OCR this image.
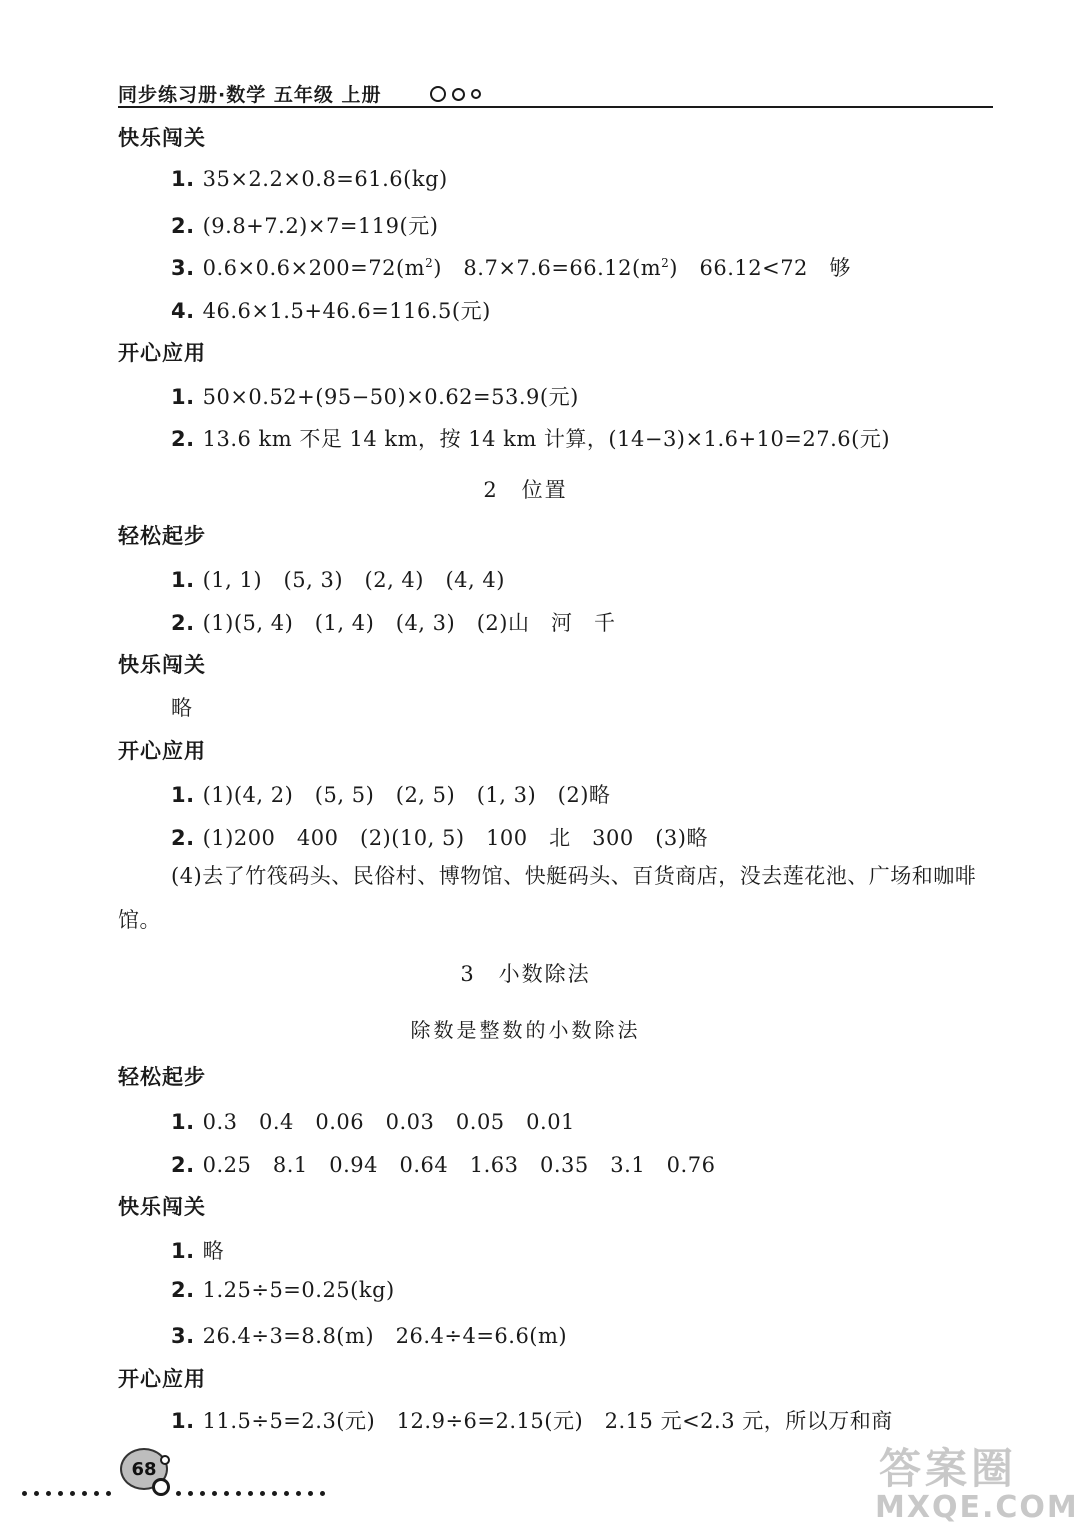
同步练习册·数学 五年级 上册
快乐闯关
1. 35×2.2×0.8=61.6(kg)
2. (9.8+7.2)×7=119(元)
3. $0.6\times 0.6\times 200=72(m^2)$　$8.7\times 7.6=66.12(m^2)$　66.12<72　够
4. 46.6×1.5+46.6=116.5(元)
开心应用
1. 50×0.52+(95−50)×0.62=53.9(元)
2. 13.6 km 不足 14 km，按 14 km 计算，(14−3)×1.6+10=27.6(元)
2　位置
轻松起步
1. (1, 1)　(5, 3)　(2, 4)　(4, 4)
2. (1)(5, 4)　(1, 4)　(4, 3)　(2)山　河　千
快乐闯关
略
开心应用
1. (1)(4, 2)　(5, 5)　(2, 5)　(1, 3)　(2)略
2. (1)200　400　(2)(10, 5)　100　北　300　(3)略
(4)去了竹筏码头、民俗村、博物馆、快艇码头、百货商店，没去莲花池、广场和咖啡馆。
3　小数除法
除数是整数的小数除法
轻松起步
1. 0.3　0.4　0.06　0.03　0.05　0.01
2. 0.25　8.1　0.94　0.64　1.63　0.35　3.1　0.76
快乐闯关
1. 略
2. 1.25÷5=0.25(kg)
3. 26.4÷3=8.8(m)　26.4÷4=6.6(m)
开心应用
1. 11.5÷5=2.3(元)　12.9÷6=2.15(元)　2.15 元<2.3 元，所以万和商
68	答案圈
MXQE.COM
